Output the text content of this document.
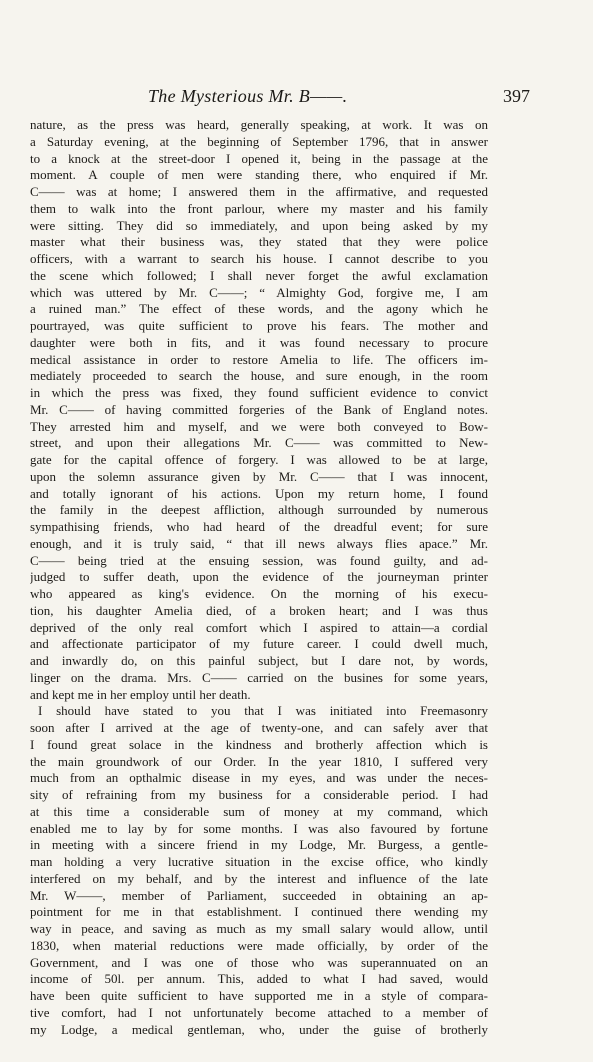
The Mysterious Mr. B——.	397
nature, as the press was heard, generally speaking, at work. It was on
a Saturday evening, at the beginning of September 1796, that in answer
to a knock at the street-door I opened it, being in the passage at the
moment. A couple of men were standing there, who enquired if Mr.
C—— was at home; I answered them in the affirmative, and requested
them to walk into the front parlour, where my master and his family
were sitting. They did so immediately, and upon being asked by my
master what their business was, they stated that they were police
officers, with a warrant to search his house. I cannot describe to you
the scene which followed; I shall never forget the awful exclamation
which was uttered by Mr. C——; “ Almighty God, forgive me, I am
a ruined man.” The effect of these words, and the agony which he
pourtrayed, was quite sufficient to prove his fears. The mother and
daughter were both in fits, and it was found necessary to procure
medical assistance in order to restore Amelia to life. The officers im-
mediately proceeded to search the house, and sure enough, in the room
in which the press was fixed, they found sufficient evidence to convict
Mr. C—— of having committed forgeries of the Bank of England notes.
They arrested him and myself, and we were both conveyed to Bow-
street, and upon their allegations Mr. C—— was committed to New-
gate for the capital offence of forgery. I was allowed to be at large,
upon the solemn assurance given by Mr. C—— that I was innocent,
and totally ignorant of his actions. Upon my return home, I found
the family in the deepest affliction, although surrounded by numerous
sympathising friends, who had heard of the dreadful event; for sure
enough, and it is truly said, “ that ill news always flies apace.” Mr.
C—— being tried at the ensuing session, was found guilty, and ad-
judged to suffer death, upon the evidence of the journeyman printer
who appeared as king's evidence. On the morning of his execu-
tion, his daughter Amelia died, of a broken heart; and I was thus
deprived of the only real comfort which I aspired to attain—a cordial
and affectionate participator of my future career. I could dwell much,
and inwardly do, on this painful subject, but I dare not, by words,
linger on the drama. Mrs. C—— carried on the busines for some years,
and kept me in her employ until her death.
I should have stated to you that I was initiated into Freemasonry
soon after I arrived at the age of twenty-one, and can safely aver that
I found great solace in the kindness and brotherly affection which is
the main groundwork of our Order. In the year 1810, I suffered very
much from an opthalmic disease in my eyes, and was under the neces-
sity of refraining from my business for a considerable period. I had
at this time a considerable sum of money at my command, which
enabled me to lay by for some months. I was also favoured by fortune
in meeting with a sincere friend in my Lodge, Mr. Burgess, a gentle-
man holding a very lucrative situation in the excise office, who kindly
interfered on my behalf, and by the interest and influence of the late
Mr. W——, member of Parliament, succeeded in obtaining an ap-
pointment for me in that establishment. I continued there wending my
way in peace, and saving as much as my small salary would allow, until
1830, when material reductions were made officially, by order of the
Government, and I was one of those who was superannuated on an
income of 50l. per annum. This, added to what I had saved, would
have been quite sufficient to have supported me in a style of compara-
tive comfort, had I not unfortunately become attached to a member of
my Lodge, a medical gentleman, who, under the guise of brotherly
